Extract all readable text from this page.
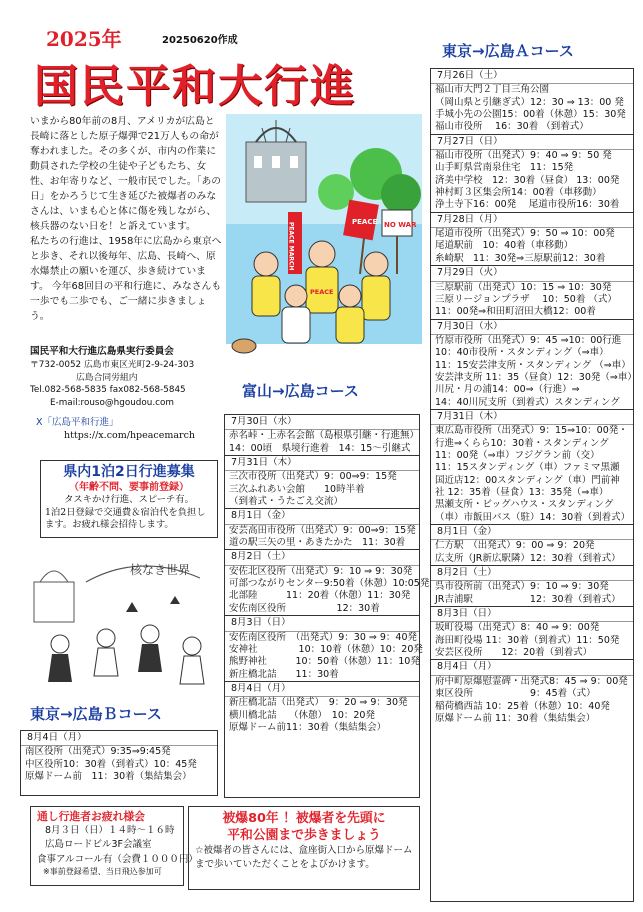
2025年	20250620作成
国民平和大行進

いまから80年前の8月、アメリカが広島と長崎に落とした原子爆弾で21万人もの命が奪われました。その多くが、市内の作業に動員された学校の生徒や子どもたち、女性、お年寄りなど、一般市民でした。「あの日」をかろうじて生き延びた被爆者のみなさんは、いまも心と体に傷を残しながら、核兵器のない日を！と訴えています。

私たちの行進は、1958年に広島から東京へと歩き、それ以後毎年、広島、長崎へ、原水爆禁止の願いを運び、歩き続けています。 今年68回目の平和行進に、みなさんも一歩でも二歩でも、ご一緒に歩きましょう。

PEACE NO WAR
PEACE MARCH
PEACE
国民平和大行進広島県実行委員会
〒732-0052 広島市東区光町2-9-24-303
広島合同労組内
Tel.082-568-5835 fax082-568-5845
E-mail:rouso@hgoudou.com
X「広島平和行進」
https://x.com/hpeacemarch
県内1泊2日行進募集
（年齢不問、要事前登録）
タスキかけ行進、スピーチ有。
1泊2日登録で交通費＆宿泊代を負担します。お疲れ様会招待します。
核なき世界
富山→広島コース
7月30日（水）
赤名峠・上赤名会館（島根県引継・行進無）
14：00頃　県境行進着　14：15～引継式
7月31日（木）
三次市役所（出発式）9：00⇒9：15発
三次ふれあい会館　　10時半着
（到着式・うたごえ交流）
8月1日（金）
安芸高田市役所（出発式）9：00⇒9：15発
道の駅三矢の里・あきたかた　11：30着
8月2日（土）
安佐北区役所（出発式）9：10 ⇒ 9：30発
可部つながりセンター9:50着（休憩）10:05発
北部陸　　　11：20着（休憩）11：30発
安佐南区役所　　　　　 12：30着
8月3日（日）
安佐南区役所　（出発式）9：30 ⇒ 9：40発
安神社　　　　 10：10着（休憩）10：20発
熊野神社　　　10：50着（休憩）11：10発
新庄橋北詰　　11：30着
8月4日（月）
新庄橋北詰（出発式）　9：20 ⇒ 9：30発
横川橋北詰　 （休憩）　10：20発
原爆ドーム前11：30着（集結集会）
東京→広島Ｂコース
8月4日（月）
南区役所（出発式）9:35⇒9:45発
中区役所10：30着（到着式）10：45発
原爆ドーム前　11：30着（集結集会）
通し行進者お疲れ様会
8月３日（日）１４時～１６時
広島ロードビル3F会議室
食事アルコール有（会費１０００円）
※事前登録希望、当日飛込参加可
被爆80年 ！被爆者を先頭に
平和公園まで歩きましょう
☆被爆者の皆さんには、盒座街入口から原爆ドームまで歩いていただくことをよびかけます。
東京→広島Ａコース
7月26日（土）
福山市大門２丁目三角公園
（岡山県と引継ぎ式）12：30 ⇒ 13：00 発
手城小先の公園15：00着（休憩）15：30発
福山市役所　 16：30着 （到着式）
7月27日（日）
福山市役所（出発式）9：40 ⇒ 9：50 発
山手町県営南泉住宅　11：15発
済美中学校　12：30着（昼食） 13：00発
神村町３区集会所14：00着（車移動）
浄土寺下16：00発　 尾道市役所16：30着
7月28日（月）
尾道市役所（出発式）9：50 ⇒ 10：00発
尾道駅前　10：40着（車移動）
糸崎駅　11：30発⇒三原駅前12：30着
7月29日（火）
三原駅前（出発式）10：15 ⇒ 10：30発
三原リージョンプラザ　 10：50着 （式）
11：00発⇒和田町沼田大橋12：00着
7月30日（水）
竹原市役所（出発式）9：45 ⇒10：00行進
10：40市役所・スタンディング（⇒車）
11：15安芸津支所・スタンディング （⇒車）
安芸津支所 11：35（昼食）12：30発（⇒車）
川尻・月の浦14：00⇒（行進）⇒
14：40川尻支所（到着式）スタンディング
7月31日（木）
東広島市役所（出発式）9：15⇒10：00発・
行進⇒くらら10：30着・スタンディング
11：00発（⇒車）フジグラン前（交）
11：15スタンディング（車）ファミマ黒瀬
国近店12：00スタンディング（車）門前神
社 12：35着（昼食）13：35発（⇒車）
黒瀬支所・ビッグハウス・スタンディング
（車）市飯田バス（駐）14：30着（到着式）
8月1日（金）
仁方駅　（出発式）9：00 ⇒ 9：20発
広支所（JR新広駅隣）12：30着（到着式）
8月2日（土）
呉市役所前（出発式）9：10 ⇒ 9：30発
JR吉浦駅　　　　　　12：30着（到着式）
8月3日（日）
坂町役場（出発式）8：40 ⇒ 9：00発
海田町役場 11：30着（到着式）11：50発
安芸区役所　　12：20着（到着式）
8月4日（月）
府中町原爆慰霊碑・出発式8：45 ⇒ 9：00発
東区役所　　　　　　9：45着（式）
稲荷橋西詰 10：25着（休憩）10：40発
原爆ドーム前 11：30着（集結集会）
